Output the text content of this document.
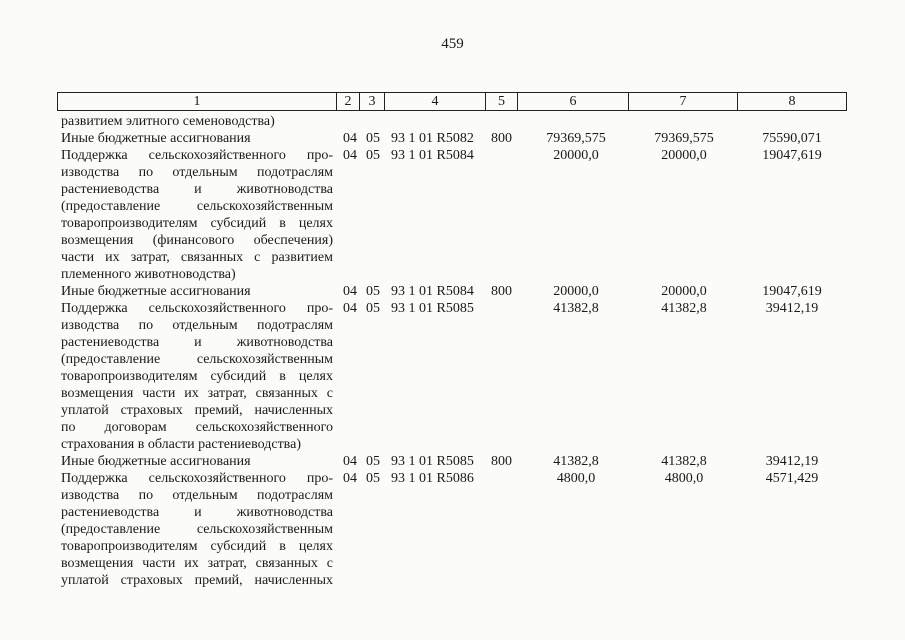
459
1	2	3	4	5	6	7	8
развитием элитного семеноводства)
Иные бюджетные ассигнования	04 05 93 1 01 R5082 800	79369,575	79369,575	75590,071
Поддержка сельскохозяйственного про- 04 05 93 1 01 R5084	20000,0	20000,0	19047,619
изводства по отдельным подотраслям
растениеводства и животноводства
(предоставление сельскохозяйственным
товаропроизводителям субсидий в целях
возмещения (финансового обеспечения)
части их затрат, связанных с развитием
племенного животноводства)
Иные бюджетные ассигнования	04 05 93 1 01 R5084 800	20000,0	20000,0	19047,619
Поддержка сельскохозяйственного про- 04 05 93 1 01 R5085	41382,8	41382,8	39412,19
изводства по отдельным подотраслям
растениеводства и животноводства
(предоставление сельскохозяйственным
товаропроизводителям субсидий в целях
возмещения части их затрат, связанных с
уплатой страховых премий, начисленных
по договорам сельскохозяйственного
страхования в области растениеводства)
Иные бюджетные ассигнования	04 05 93 1 01 R5085 800	41382,8	41382,8	39412,19
Поддержка сельскохозяйственного про- 04 05 93 1 01 R5086	4800,0	4800,0	4571,429
изводства по отдельным подотраслям
растениеводства и животноводства
(предоставление сельскохозяйственным
товаропроизводителям субсидий в целях
возмещения части их затрат, связанных с
уплатой страховых премий, начисленных
